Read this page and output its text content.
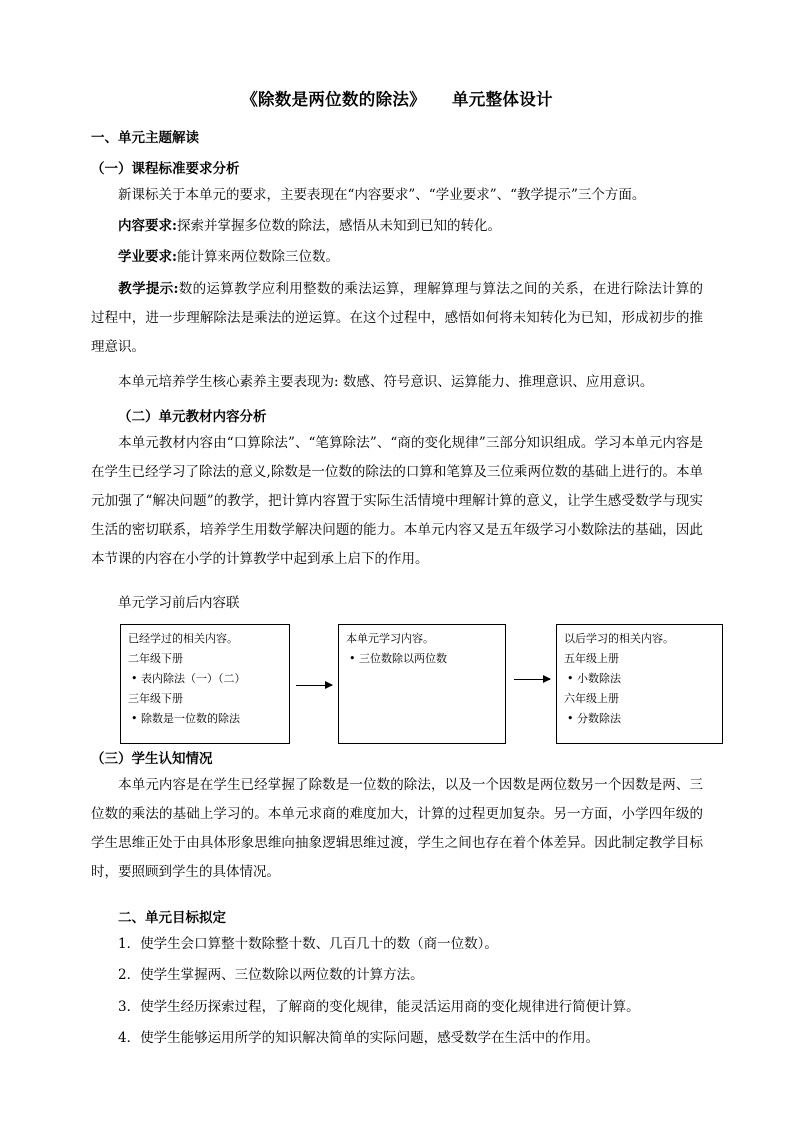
《除数是两位数的除法》 单元整体设计
一、单元主题解读
（一）课程标准要求分析
新课标关于本单元的要求，主要表现在“内容要求”、“学业要求”、“教学提示”三个方面。
内容要求:探索并掌握多位数的除法，感悟从未知到已知的转化。
学业要求:能计算来两位数除三位数。
教学提示:数的运算教学应利用整数的乘法运算，理解算理与算法之间的关系，在进行除法计算的过程中，进一步理解除法是乘法的逆运算。在这个过程中，感悟如何将未知转化为已知，形成初步的推理意识。
本单元培养学生核心素养主要表现为: 数感、符号意识、运算能力、推理意识、应用意识。
（二）单元教材内容分析
本单元教材内容由“口算除法”、“笔算除法”、“商的变化规律”三部分知识组成。学习本单元内容是在学生已经学习了除法的意义,除数是一位数的除法的口算和笔算及三位乘两位数的基础上进行的。本单元加强了“解决问题”的教学，把计算内容置于实际生活情境中理解计算的意义，让学生感受数学与现实生活的密切联系，培养学生用数学解决问题的能力。本单元内容又是五年级学习小数除法的基础，因此本节课的内容在小学的计算教学中起到承上启下的作用。
单元学习前后内容联
已经学过的相关内容。
二年级下册
• 表内除法（一）（二）
三年级下册
• 除数是一位数的除法
本单元学习内容。
• 三位数除以两位数
以后学习的相关内容。
五年级上册
• 小数除法
六年级上册
• 分数除法
（三）学生认知情况
本单元内容是在学生已经掌握了除数是一位数的除法，以及一个因数是两位数另一个因数是两、三位数的乘法的基础上学习的。本单元求商的难度加大，计算的过程更加复杂。另一方面，小学四年级的学生思维正处于由具体形象思维向抽象逻辑思维过渡，学生之间也存在着个体差异。因此制定教学目标时，要照顾到学生的具体情况。
二、单元目标拟定
1．使学生会口算整十数除整十数、几百几十的数（商一位数）。
2．使学生掌握两、三位数除以两位数的计算方法。
3．使学生经历探索过程，了解商的变化规律，能灵活运用商的变化规律进行简便计算。
4．使学生能够运用所学的知识解决简单的实际问题，感受数学在生活中的作用。
